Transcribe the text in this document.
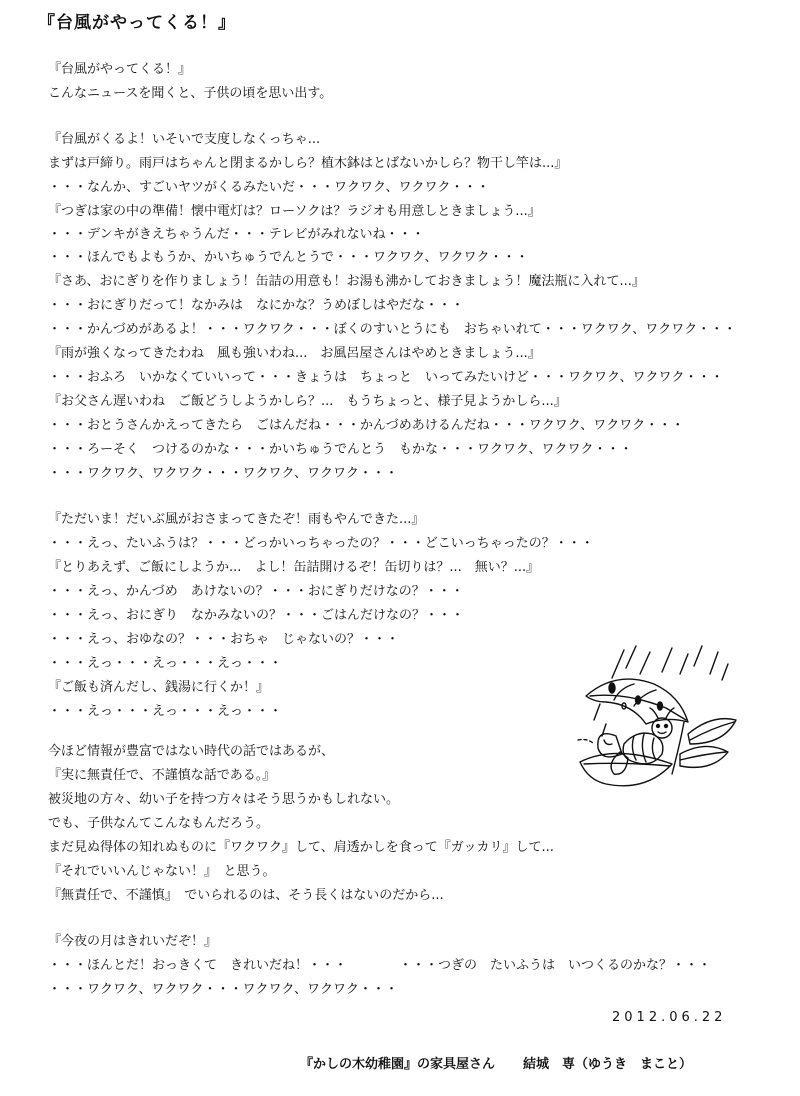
『台風がやってくる！』
『台風がやってくる！』
こんなニュースを聞くと、子供の頃を思い出す。
『台風がくるよ！いそいで支度しなくっちゃ...
まずは戸締り。雨戸はちゃんと閉まるかしら？植木鉢はとばないかしら？物干し竿は...』
・・・なんか、すごいヤツがくるみたいだ・・・ワクワク、ワクワク・・・
『つぎは家の中の準備！懐中電灯は？ローソクは？ラジオも用意しときましょう...』
・・・デンキがきえちゃうんだ・・・テレビがみれないね・・・
・・・ほんでもよもうか、かいちゅうでんとうで・・・ワクワク、ワクワク・・・
『さあ、おにぎりを作りましょう！缶詰の用意も！お湯も沸かしておきましょう！魔法瓶に入れて...』
・・・おにぎりだって！なかみは　なにかな？うめぼしはやだな・・・
・・・かんづめがあるよ！・・・ワクワク・・・ぼくのすいとうにも　おちゃいれて・・・ワクワク、ワクワク・・・
『雨が強くなってきたわね　風も強いわね...　お風呂屋さんはやめときましょう...』
・・・おふろ　いかなくていいって・・・きょうは　ちょっと　いってみたいけど・・・ワクワク、ワクワク・・・
『お父さん遅いわね　ご飯どうしようかしら？...　もうちょっと、様子見ようかしら...』
・・・おとうさんかえってきたら　ごはんだね・・・かんづめあけるんだね・・・ワクワク、ワクワク・・・
・・・ろーそく　つけるのかな・・・かいちゅうでんとう　もかな・・・ワクワク、ワクワク・・・
・・・ワクワク、ワクワク・・・ワクワク、ワクワク・・・
『ただいま！だいぶ風がおさまってきたぞ！雨もやんできた...』
・・・えっ、たいふうは？・・・どっかいっちゃったの？・・・どこいっちゃったの？・・・
『とりあえず、ご飯にしようか...　よし！缶詰開けるぞ！缶切りは？...　無い？...』
・・・えっ、かんづめ　あけないの？・・・おにぎりだけなの？・・・
・・・えっ、おにぎり　なかみないの？・・・ごはんだけなの？・・・
・・・えっ、おゆなの？・・・おちゃ　じゃないの？・・・
・・・えっ・・・えっ・・・えっ・・・
『ご飯も済んだし、銭湯に行くか！』
・・・えっ・・・えっ・・・えっ・・・
今ほど情報が豊富ではない時代の話ではあるが、
『実に無責任で、不謹慎な話である。』
被災地の方々、幼い子を持つ方々はそう思うかもしれない。
でも、子供なんてこんなもんだろう。
まだ見ぬ得体の知れぬものに『ワクワク』して、肩透かしを食って『ガッカリ』して...
『それでいいんじゃない！』　と思う。
『無責任で、不謹慎』　でいられるのは、そう長くはないのだから...
『今夜の月はきれいだぞ！』
・・・ほんとだ！おっきくて　きれいだね！・・・　　　　・・・つぎの　たいふうは　いつくるのかな？・・・
・・・ワクワク、ワクワク・・・ワクワク、ワクワク・・・
2012.06.22
『かしの木幼稚園』の家具屋さん 結城　専（ゆうき　まこと）
